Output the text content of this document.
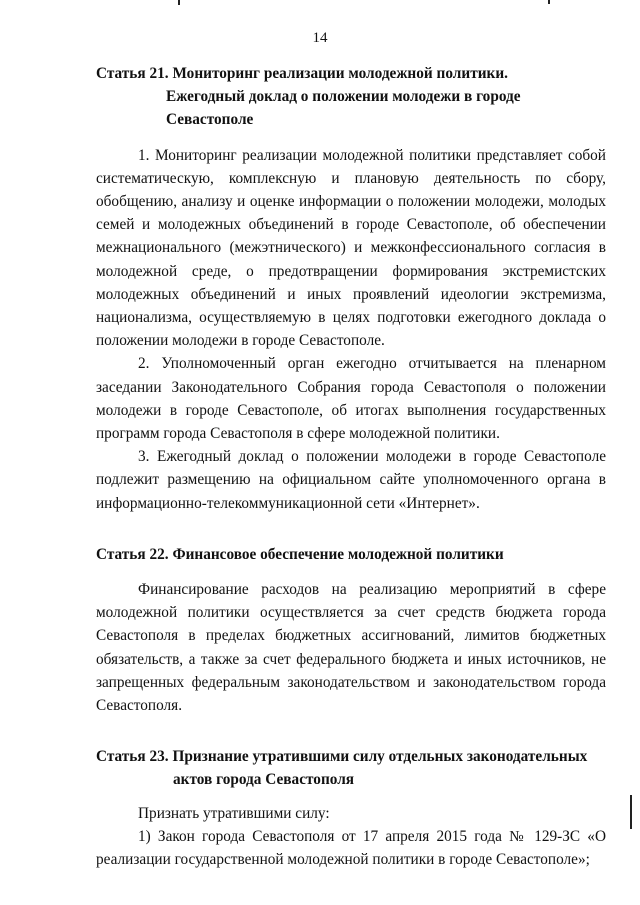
14
Статья 21. Мониторинг реализации молодежной политики.
Ежегодный доклад о положении молодежи в городе Севастополе

1. Мониторинг реализации молодежной политики представляет собой систематическую, комплексную и плановую деятельность по сбору, обобщению, анализу и оценке информации о положении молодежи, молодых семей и молодежных объединений в городе Севастополе, об обеспечении межнационального (межэтнического) и межконфессионального согласия в молодежной среде, о предотвращении формирования экстремистских молодежных объединений и иных проявлений идеологии экстремизма, национализма, осуществляемую в целях подготовки ежегодного доклада о положении молодежи в городе Севастополе.

2. Уполномоченный орган ежегодно отчитывается на пленарном заседании Законодательного Собрания города Севастополя о положении молодежи в городе Севастополе, об итогах выполнения государственных программ города Севастополя в сфере молодежной политики.

3. Ежегодный доклад о положении молодежи в городе Севастополе подлежит размещению на официальном сайте уполномоченного органа в информационно-телекоммуникационной сети «Интернет».

Статья 22. Финансовое обеспечение молодежной политики

Финансирование расходов на реализацию мероприятий в сфере молодежной политики осуществляется за счет средств бюджета города Севастополя в пределах бюджетных ассигнований, лимитов бюджетных обязательств, а также за счет федерального бюджета и иных источников, не запрещенных федеральным законодательством и законодательством города Севастополя.

Статья 23. Признание утратившими силу отдельных законодательных
актов города Севастополя

Признать утратившими силу:

1) Закон города Севастополя от 17 апреля 2015 года № 129-ЗС «О реализации государственной молодежной политики в городе Севастополе»;
